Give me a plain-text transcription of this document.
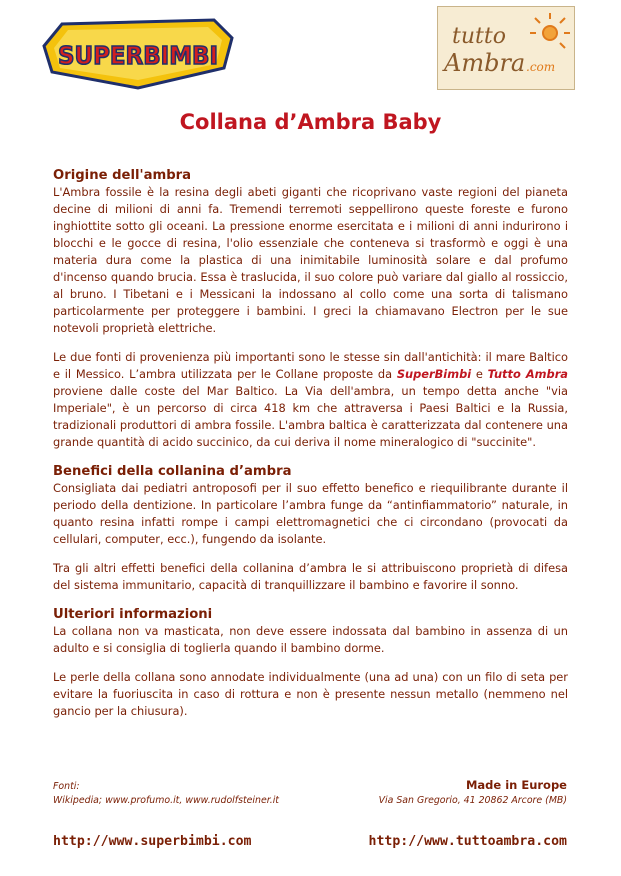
SUPERBIMBI
tutto
Ambra .com
Collana d’Ambra Baby
Origine dell'ambra

L'Ambra fossile è la resina degli abeti giganti che ricoprivano vaste regioni del pianeta decine di milioni di anni fa. Tremendi terremoti seppellirono queste foreste e furono inghiottite sotto gli oceani. La pressione enorme esercitata e i milioni di anni indurirono i blocchi e le gocce di resina, l'olio essenziale che conteneva si trasformò e oggi è una materia dura come la plastica di una inimitabile luminosità solare e dal profumo d'incenso quando brucia. Essa è traslucida, il suo colore può variare dal giallo al rossiccio, al bruno. I Tibetani e i Messicani la indossano al collo come una sorta di talismano particolarmente per proteggere i bambini. I greci la chiamavano Electron per le sue notevoli proprietà elettriche.

Le due fonti di provenienza più importanti sono le stesse sin dall'antichità: il mare Baltico e il Messico. L’ambra utilizzata per le Collane proposte da SuperBimbi e Tutto Ambra proviene dalle coste del Mar Baltico. La Via dell'ambra, un tempo detta anche "via Imperiale", è un percorso di circa 418 km che attraversa i Paesi Baltici e la Russia, tradizionali produttori di ambra fossile. L'ambra baltica è caratterizzata dal contenere una grande quantità di acido succinico, da cui deriva il nome mineralogico di "succinite".

Benefici della collanina d’ambra

Consigliata dai pediatri antroposofi per il suo effetto benefico e riequilibrante durante il periodo della dentizione. In particolare l’ambra funge da “antinfiammatorio” naturale, in quanto resina infatti rompe i campi elettromagnetici che ci circondano (provocati da cellulari, computer, ecc.), fungendo da isolante.

Tra gli altri effetti benefici della collanina d’ambra le si attribuiscono proprietà di difesa del sistema immunitario, capacità di tranquillizzare il bambino e favorire il sonno.

Ulteriori informazioni

La collana non va masticata, non deve essere indossata dal bambino in assenza di un adulto e si consiglia di toglierla quando il bambino dorme.

Le perle della collana sono annodate individualmente (una ad una) con un filo di seta per evitare la fuoriuscita in caso di rottura e non è presente nessun metallo (nemmeno nel gancio per la chiusura).

Fonti:
Wikipedia; www.profumo.it, www.rudolfsteiner.it
Made in Europe
Via San Gregorio, 41 20862 Arcore (MB)
http://www.superbimbi.com	http://www.tuttoambra.com
